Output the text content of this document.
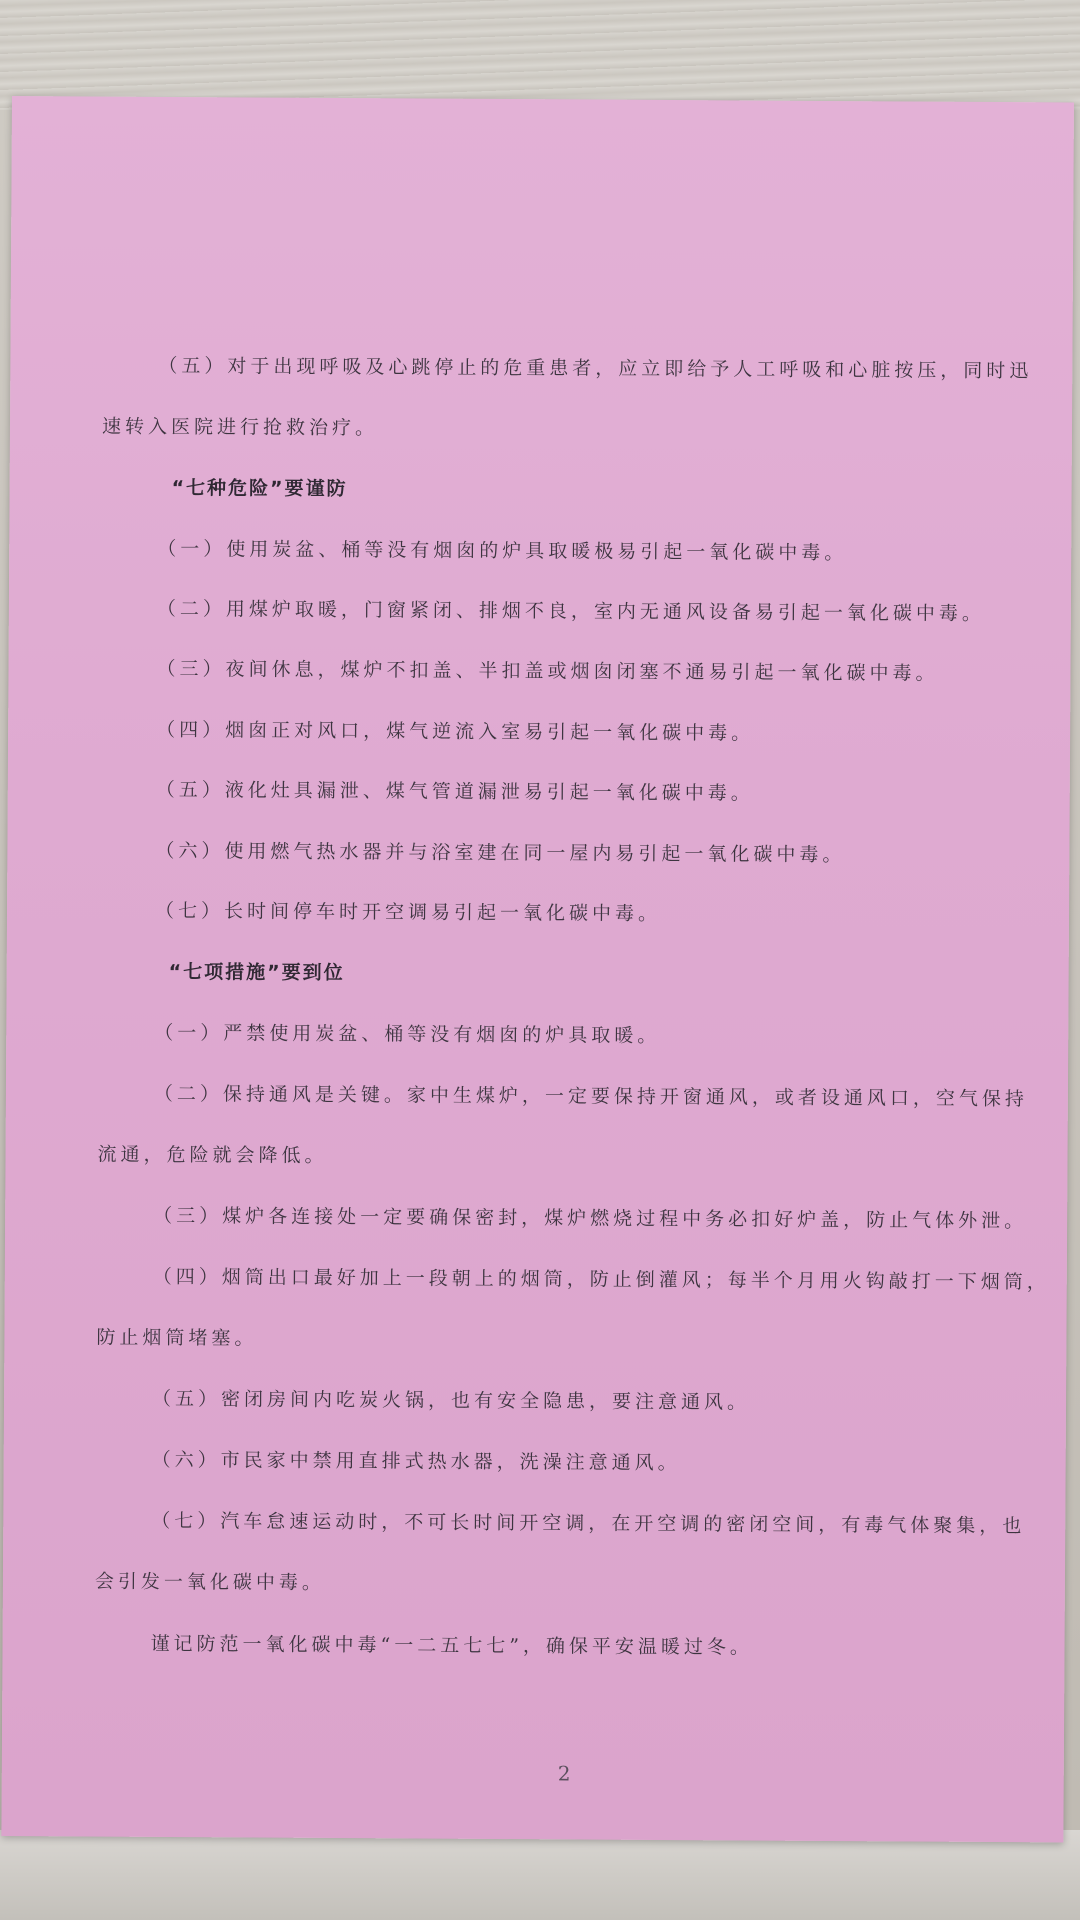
（五）对于出现呼吸及心跳停止的危重患者，应立即给予人工呼吸和心脏按压，同时迅
速转入医院进行抢救治疗。
“七种危险”要谨防
（一）使用炭盆、桶等没有烟囱的炉具取暖极易引起一氧化碳中毒。
（二）用煤炉取暖，门窗紧闭、排烟不良，室内无通风设备易引起一氧化碳中毒。
（三）夜间休息，煤炉不扣盖、半扣盖或烟囱闭塞不通易引起一氧化碳中毒。
（四）烟囱正对风口，煤气逆流入室易引起一氧化碳中毒。
（五）液化灶具漏泄、煤气管道漏泄易引起一氧化碳中毒。
（六）使用燃气热水器并与浴室建在同一屋内易引起一氧化碳中毒。
（七）长时间停车时开空调易引起一氧化碳中毒。
“七项措施”要到位
（一）严禁使用炭盆、桶等没有烟囱的炉具取暖。
（二）保持通风是关键。家中生煤炉，一定要保持开窗通风，或者设通风口，空气保持
流通，危险就会降低。
（三）煤炉各连接处一定要确保密封，煤炉燃烧过程中务必扣好炉盖，防止气体外泄。
（四）烟筒出口最好加上一段朝上的烟筒，防止倒灌风；每半个月用火钩敲打一下烟筒，
防止烟筒堵塞。
（五）密闭房间内吃炭火锅，也有安全隐患，要注意通风。
（六）市民家中禁用直排式热水器，洗澡注意通风。
（七）汽车怠速运动时，不可长时间开空调，在开空调的密闭空间，有毒气体聚集，也
会引发一氧化碳中毒。
谨记防范一氧化碳中毒“一二五七七”，确保平安温暖过冬。
2
